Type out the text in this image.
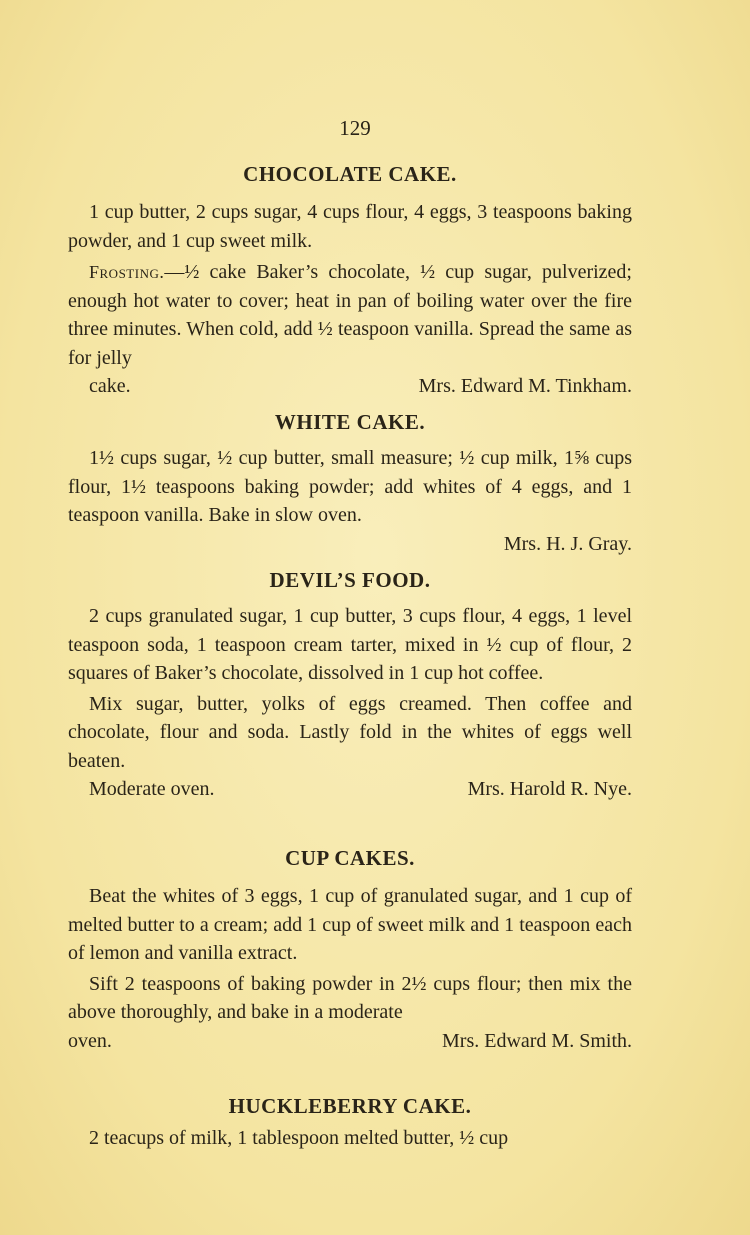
129
CHOCOLATE CAKE.

1 cup butter, 2 cups sugar, 4 cups flour, 4 eggs, 3 teaspoons baking powder, and 1 cup sweet milk.

Frosting.—½ cake Baker’s chocolate, ½ cup sugar, pulverized; enough hot water to cover; heat in pan of boiling water over the fire three minutes. When cold, add ½ teaspoon vanilla. Spread the same as for jelly

cake.	Mrs. Edward M. Tinkham.
WHITE CAKE.

1½ cups sugar, ½ cup butter, small measure; ½ cup milk, 1⅝ cups flour, 1½ teaspoons baking powder; add whites of 4 eggs, and 1 teaspoon vanilla. Bake in slow oven.

Mrs. H. J. Gray.
DEVIL’S FOOD.

2 cups granulated sugar, 1 cup butter, 3 cups flour, 4 eggs, 1 level teaspoon soda, 1 teaspoon cream tarter, mixed in ½ cup of flour, 2 squares of Baker’s chocolate, dissolved in 1 cup hot coffee.

Mix sugar, butter, yolks of eggs creamed. Then coffee and chocolate, flour and soda. Lastly fold in the whites of eggs well beaten.

Moderate oven.	Mrs. Harold R. Nye.
CUP CAKES.

Beat the whites of 3 eggs, 1 cup of granulated sugar, and 1 cup of melted butter to a cream; add 1 cup of sweet milk and 1 teaspoon each of lemon and vanilla extract.

Sift 2 teaspoons of baking powder in 2½ cups flour; then mix the above thoroughly, and bake in a moderate

oven.	Mrs. Edward M. Smith.
HUCKLEBERRY CAKE.

2 teacups of milk, 1 tablespoon melted butter, ½ cup
